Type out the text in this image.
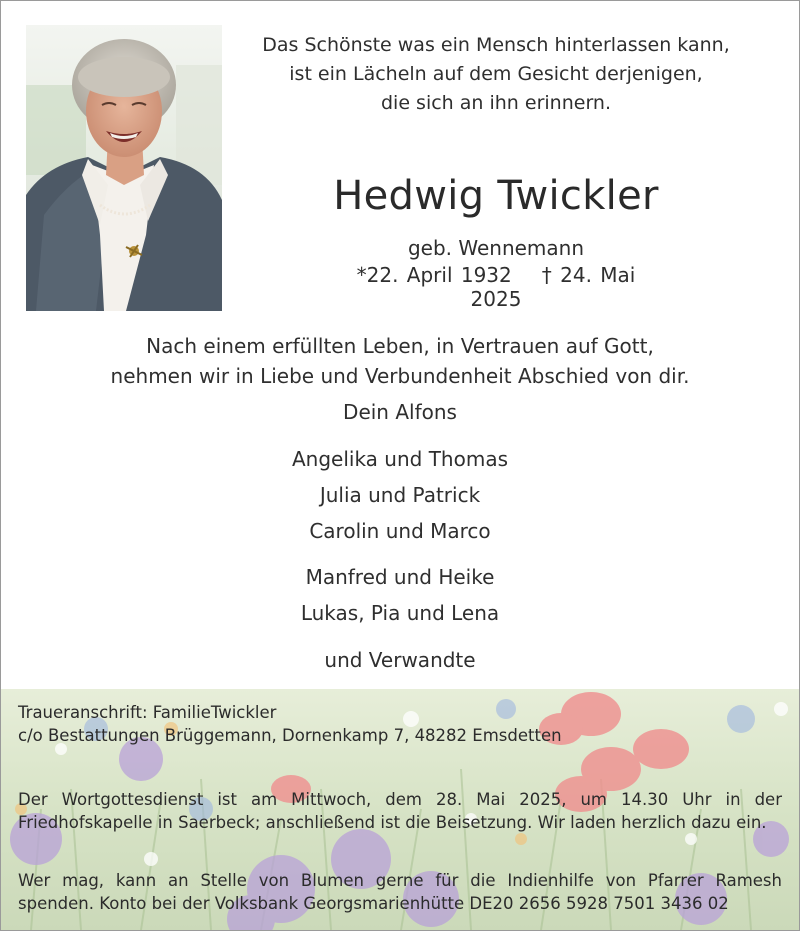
Das Schönste was ein Mensch hinterlassen kann,
ist ein Lächeln auf dem Gesicht derjenigen,
die sich an ihn erinnern.
Hedwig Twickler
geb. Wennemann
*22. April 1932 † 24. Mai 2025
Nach einem erfüllten Leben, in Vertrauen auf Gott,
nehmen wir in Liebe und Verbundenheit Abschied von dir.
Dein Alfons
Angelika und Thomas
Julia und Patrick
Carolin und Marco
Manfred und Heike
Lukas, Pia und Lena
und Verwandte
Traueranschrift: FamilieTwickler
c/o Bestattungen Brüggemann, Dornenkamp 7, 48282 Emsdetten
Der Wortgottesdienst ist am Mittwoch, dem 28. Mai 2025, um 14.30 Uhr in der
Friedhofskapelle in Saerbeck; anschließend ist die Beisetzung. Wir laden herzlich dazu ein.
Wer mag, kann an Stelle von Blumen gerne für die Indienhilfe von Pfarrer Ramesh
spenden. Konto bei der Volksbank Georgsmarienhütte DE20 2656 5928 7501 3436 02
